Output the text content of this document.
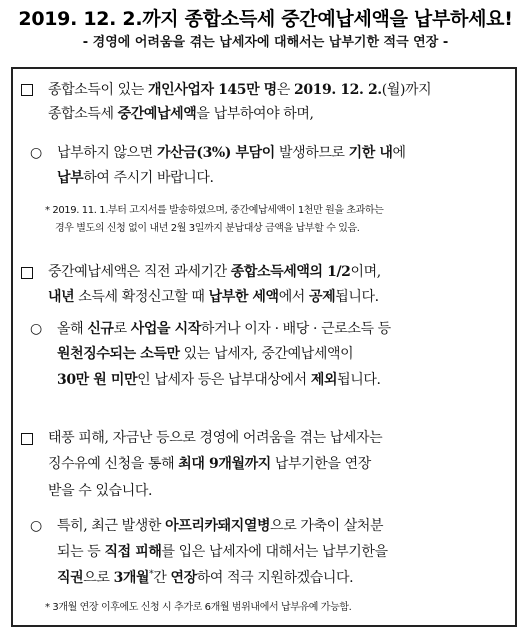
2019. 12. 2.까지 종합소득세 중간예납세액을 납부하세요!
- 경영에 어려움을 겪는 납세자에 대해서는 납부기한 적극 연장 -
종합소득이 있는 개인사업자 145만 명은 2019. 12. 2.(월)까지
종합소득세 중간예납세액을 납부하여야 하며,
○ 납부하지 않으면 가산금(3%) 부담이 발생하므로 기한 내에
납부하여 주시기 바랍니다.
* 2019. 11. 1.부터 고지서를 발송하였으며, 중간예납세액이 1천만 원을 초과하는
경우 별도의 신청 없이 내년 2월 3일까지 분납대상 금액을 납부할 수 있음.
중간예납세액은 직전 과세기간 종합소득세액의 1/2이며,
내년 소득세 확정신고할 때 납부한 세액에서 공제됩니다.
○ 올해 신규로 사업을 시작하거나 이자 · 배당 · 근로소득 등
원천징수되는 소득만 있는 납세자, 중간예납세액이
30만 원 미만인 납세자 등은 납부대상에서 제외됩니다.
태풍 피해, 자금난 등으로 경영에 어려움을 겪는 납세자는
징수유예 신청을 통해 최대 9개월까지 납부기한을 연장
받을 수 있습니다.
○ 특히, 최근 발생한 아프리카돼지열병으로 가축이 살처분
되는 등 직접 피해를 입은 납세자에 대해서는 납부기한을
직권으로 3개월*간 연장하여 적극 지원하겠습니다.
* 3개월 연장 이후에도 신청 시 추가로 6개월 범위내에서 납부유예 가능함.
